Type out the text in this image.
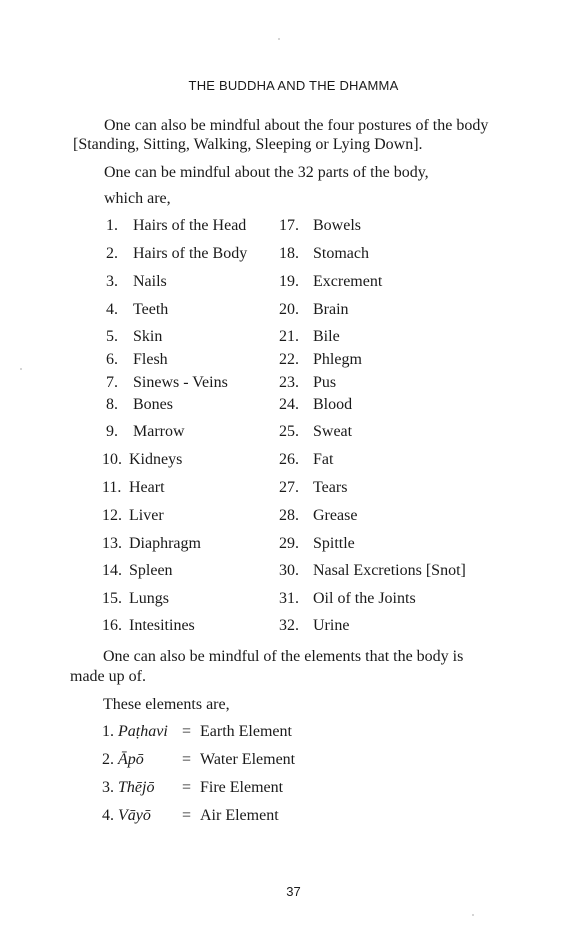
THE BUDDHA AND THE DHAMMA
One can also be mindful about the four postures of the body
[Standing, Sitting, Walking, Sleeping or Lying Down].
One can be mindful about the 32 parts of the body,
which are,
1. Hairs of the Head
2. Hairs of the Body
3. Nails
4. Teeth
5. Skin
6. Flesh
7. Sinews - Veins
8. Bones
9. Marrow
10. Kidneys
11. Heart
12. Liver
13. Diaphragm
14. Spleen
15. Lungs
16. Intesitines
17. Bowels
18. Stomach
19. Excrement
20. Brain
21. Bile
22. Phlegm
23. Pus
24. Blood
25. Sweat
26. Fat
27. Tears
28. Grease
29. Spittle
30. Nasal Excretions [Snot]
31. Oil of the Joints
32. Urine
One can also be mindful of the elements that the body is
made up of.
These elements are,
1. Paṭhavi = Earth Element
2. Āpō = Water Element
3. Thējō = Fire Element
4. Vāyō = Air Element
37
